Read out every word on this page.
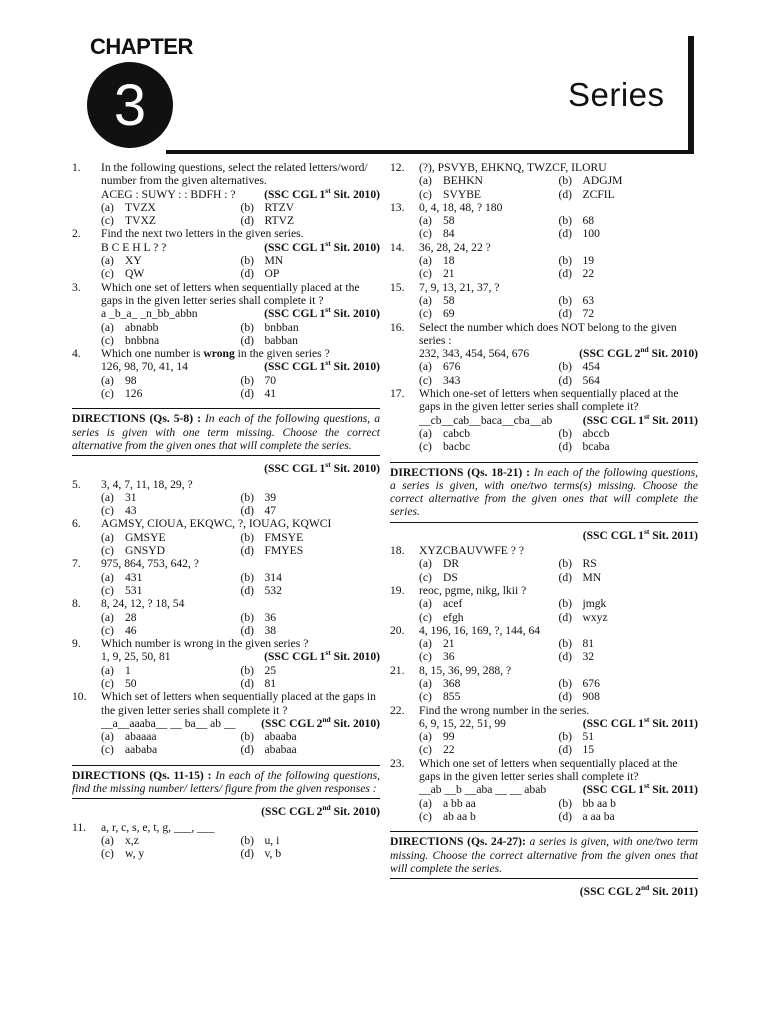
CHAPTER
3	Series
1. In the following questions, select the related letters/word/ number from the given alternatives.
ACEG : SUWY : : BDFH : ? (SSC CGL 1st Sit. 2010)
(a) TVZX	(b) RTZV
(c) TVXZ	(d) RTVZ
2. Find the next two letters in the given series.
B C E H L ? ?	(SSC CGL 1st Sit. 2010)
(a) XY	(b) MN
(c) QW	(d) OP
3. Which one set of letters when sequentially placed at the gaps in the given letter series shall complete it ?
a _b_a_ _n_bb_abbn	(SSC CGL 1st Sit. 2010)
(a) abnabb	(b) bnbban
(c) bnbbna	(d) babban
4. Which one number is wrong in the given series ?
126, 98, 70, 41, 14	(SSC CGL 1st Sit. 2010)
(a) 98	(b) 70
(c) 126	(d) 41
DIRECTIONS (Qs. 5-8) : In each of the following questions, a series is given with one term missing. Choose the correct alternative from the given ones that will complete the series.
(SSC CGL 1st Sit. 2010)
5. 3, 4, 7, 11, 18, 29, ?
(a) 31	(b) 39
(c) 43	(d) 47
6. AGMSY, CIOUA, EKQWC, ?, IOUAG, KQWCI
(a) GMSYE	(b) FMSYE
(c) GNSYD	(d) FMYES
7. 975, 864, 753, 642, ?
(a) 431	(b) 314
(c) 531	(d) 532
8. 8, 24, 12, ? 18, 54
(a) 28	(b) 36
(c) 46	(d) 38
9. Which number is wrong in the given series ?
1, 9, 25, 50, 81	(SSC CGL 1st Sit. 2010)
(a) 1	(b) 25
(c) 50	(d) 81
10. Which set of letters when sequentially placed at the gaps in the given letter series shall complete it ?
__a__aaaba__ __ ba__ ab __ (SSC CGL 2nd Sit. 2010)
(a) abaaaa	(b) abaaba
(c) aababa	(d) ababaa
DIRECTIONS (Qs. 11-15) : In each of the following questions, find the missing number/ letters/ figure from the given responses :
(SSC CGL 2nd Sit. 2010)
11. a, r, c, s, e, t, g, ___, ___
(a) x,z	(b) u, i
(c) w, y	(d) v, b
12. (?), PSVYB, EHKNQ, TWZCF, ILORU
(a) BEHKN	(b) ADGJM
(c) SVYBE	(d) ZCFIL
13. 0, 4, 18, 48, ? 180
(a) 58	(b) 68
(c) 84	(d) 100
14. 36, 28, 24, 22 ?
(a) 18	(b) 19
(c) 21	(d) 22
15. 7, 9, 13, 21, 37, ?
(a) 58	(b) 63
(c) 69	(d) 72
16. Select the number which does NOT belong to the given series :
232, 343, 454, 564, 676	(SSC CGL 2nd Sit. 2010)
(a) 676	(b) 454
(c) 343	(d) 564
17. Which one-set of letters when sequentially placed at the gaps in the given letter series shall complete it?
__cb__cab__baca__cba__ab	(SSC CGL 1st Sit. 2011)
(a) cabcb	(b) abccb
(c) bacbc	(d) bcaba
DIRECTIONS (Qs. 18-21) : In each of the following questions, a series is given, with one/two terms(s) missing. Choose the correct alternative from the given ones that will complete the series.
(SSC CGL 1st Sit. 2011)
18. XYZCBAUVWFE ? ?
(a) DR	(b) RS
(c) DS	(d) MN
19. reoc, pgme, nikg, lkii ?
(a) acef	(b) jmgk
(c) efgh	(d) wxyz
20. 4, 196, 16, 169, ?, 144, 64
(a) 21	(b) 81
(c) 36	(d) 32
21. 8, 15, 36, 99, 288, ?
(a) 368	(b) 676
(c) 855	(d) 908
22. Find the wrong number in the series.
6, 9, 15, 22, 51, 99	(SSC CGL 1st Sit. 2011)
(a) 99	(b) 51
(c) 22	(d) 15
23. Which one set of letters when sequentially placed at the gaps in the given letter series shall complete it?
__ab __b __aba __ __ abab	(SSC CGL 1st Sit. 2011)
(a) a bb aa	(b) bb aa b
(c) ab aa b	(d) a aa ba
DIRECTIONS (Qs. 24-27): a series is given, with one/two term missing. Choose the correct alternative from the given ones that will complete the series.
(SSC CGL 2nd Sit. 2011)
